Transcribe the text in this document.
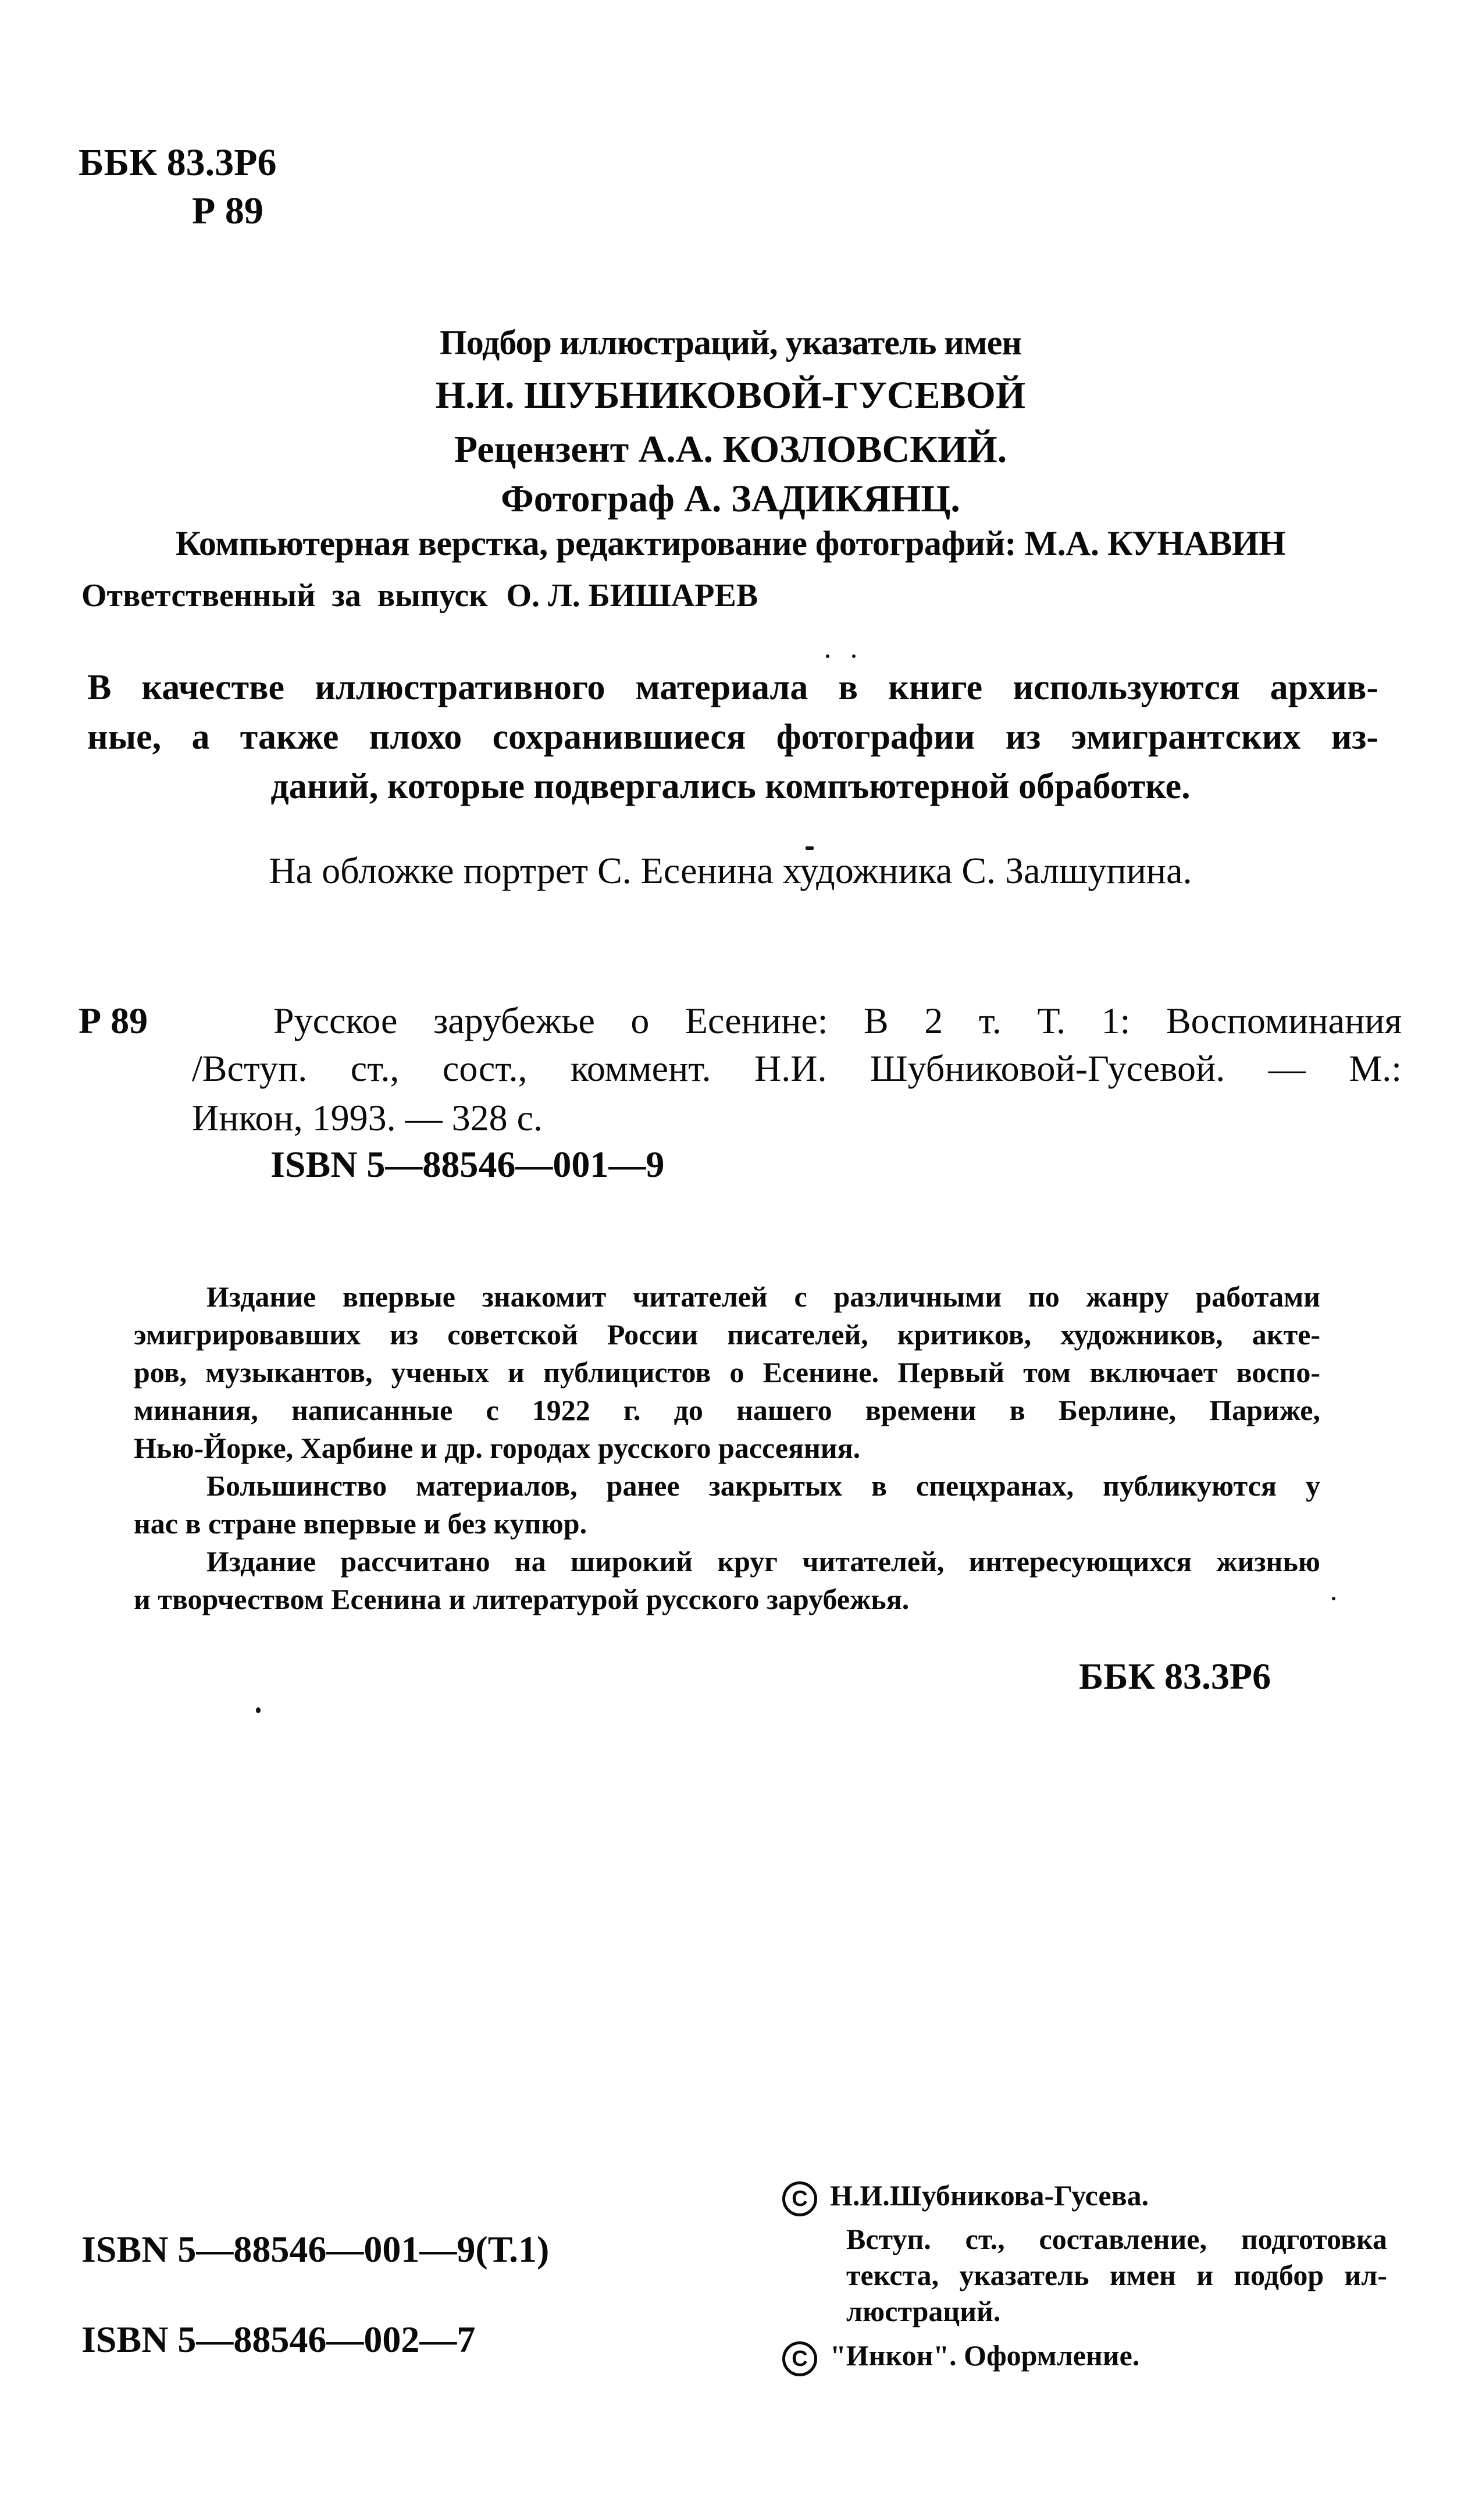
ББК 83.3Р6
Р 89
Подбор иллюстраций, указатель имен
Н.И. ШУБНИКОВОЙ-ГУСЕВОЙ
Рецензент А.А. КОЗЛОВСКИЙ.
Фотограф А. ЗАДИКЯНЦ.
Компьютерная верстка, редактирование фотографий: М.А. КУНАВИН
Ответственный за выпуск О. Л. БИШАРЕВ
В качестве иллюстративного материала в книге используются архив-
ные, а также плохо сохранившиеся фотографии из эмигрантских из-
даний, которые подвергались компъютерной обработке.
На обложке портрет С. Есенина художника С. Залшупина.
Р 89	Русское зарубежье о Есенине: В 2 т. Т. 1: Воспоминания
/Вступ. ст., сост., коммент. Н.И. Шубниковой-Гусевой. — М.:
Инкон, 1993. — 328 с.
ISBN 5—88546—001—9
Издание впервые знакомит читателей с различными по жанру работами
эмигрировавших из советской России писателей, критиков, художников, акте-
ров, музыкантов, ученых и публицистов о Есенине. Первый том включает воспо-
минания, написанные с 1922 г. до нашего времени в Берлине, Париже,
Нью-Йорке, Харбине и др. городах русского рассеяния.
Большинство материалов, ранее закрытых в спецхранах, публикуются у
нас в стране впервые и без купюр.
Издание рассчитано на широкий круг читателей, интересующихся жизнью
и творчеством Есенина и литературой русского зарубежья.
ББК 83.3Р6
ISBN 5—88546—001—9(Т.1)
ISBN 5—88546—002—7
C Н.И.Шубникова-Гусева.
Вступ. ст., составление, подготовка
текста, указатель имен и подбор ил-
люстраций.
C "Инкон". Оформление.
